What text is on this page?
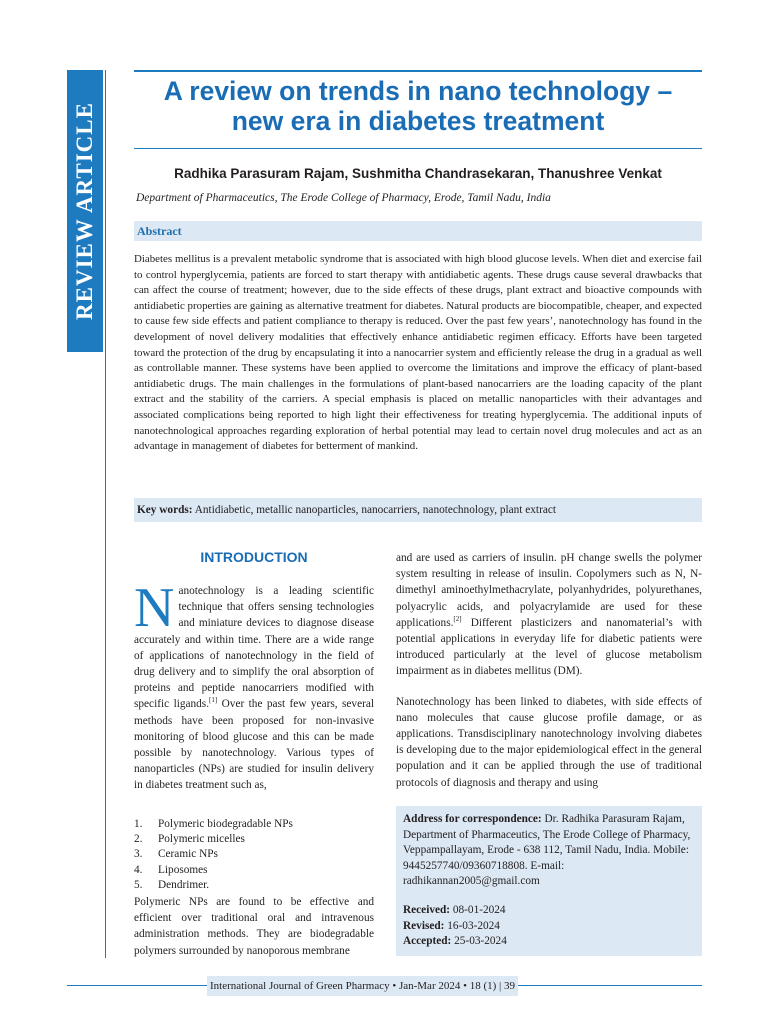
REVIEW ARTICLE
A review on trends in nano technology –
new era in diabetes treatment
Radhika Parasuram Rajam, Sushmitha Chandrasekaran, Thanushree Venkat
Department of Pharmaceutics, The Erode College of Pharmacy, Erode, Tamil Nadu, India
Abstract

Diabetes mellitus is a prevalent metabolic syndrome that is associated with high blood glucose levels. When diet and exercise fail to control hyperglycemia, patients are forced to start therapy with antidiabetic agents. These drugs cause several drawbacks that can affect the course of treatment; however, due to the side effects of these drugs, plant extract and bioactive compounds with antidiabetic properties are gaining as alternative treatment for diabetes. Natural products are biocompatible, cheaper, and expected to cause few side effects and patient compliance to therapy is reduced. Over the past few years’, nanotechnology has found in the development of novel delivery modalities that effectively enhance antidiabetic regimen efficacy. Efforts have been targeted toward the protection of the drug by encapsulating it into a nanocarrier system and efficiently release the drug in a gradual as well as controllable manner. These systems have been applied to overcome the limitations and improve the efficacy of plant-based antidiabetic drugs. The main challenges in the formulations of plant-based nanocarriers are the loading capacity of the plant extract and the stability of the carriers. A special emphasis is placed on metallic nanoparticles with their advantages and associated complications being reported to high light their effectiveness for treating hyperglycemia. The additional inputs of nanotechnological approaches regarding exploration of herbal potential may lead to certain novel drug molecules and act as an advantage in management of diabetes for betterment of mankind.

Key words: Antidiabetic, metallic nanoparticles, nanocarriers, nanotechnology, plant extract
INTRODUCTION

Nanotechnology is a leading scientific technique that offers sensing technologies and miniature devices to diagnose disease accurately and within time. There are a wide range of applications of nanotechnology in the field of drug delivery and to simplify the oral absorption of proteins and peptide nanocarriers modified with specific ligands.[1] Over the past few years, several methods have been proposed for non-invasive monitoring of blood glucose and this can be made possible by nanotechnology. Various types of nanoparticles (NPs) are studied for insulin delivery in diabetes treatment such as,

1.	Polymeric biodegradable NPs
2.	Polymeric micelles
3.	Ceramic NPs
4.	Liposomes
5.	Dendrimer.

Polymeric NPs are found to be effective and efficient over traditional oral and intravenous administration methods. They are biodegradable polymers surrounded by nanoporous membrane

and are used as carriers of insulin. pH change swells the polymer system resulting in release of insulin. Copolymers such as N, N-dimethyl aminoethylmethacrylate, polyanhydrides, polyurethanes, polyacrylic acids, and polyacrylamide are used for these applications.[2] Different plasticizers and nanomaterial’s with potential applications in everyday life for diabetic patients were introduced particularly at the level of glucose metabolism impairment as in diabetes mellitus (DM).

Nanotechnology has been linked to diabetes, with side effects of nano molecules that cause glucose profile damage, or as applications. Transdisciplinary nanotechnology involving diabetes is developing due to the major epidemiological effect in the general population and it can be applied through the use of traditional protocols of diagnosis and therapy and using

Address for correspondence: Dr. Radhika Parasuram Rajam, Department of Pharmaceutics, The Erode College of Pharmacy, Veppampallayam, Erode - 638 112, Tamil Nadu, India. Mobile: 9445257740/09360718808. E-mail: radhikannan2005@gmail.com
Received: 08-01-2024
Revised: 16-03-2024
Accepted: 25-03-2024
International Journal of Green Pharmacy • Jan-Mar 2024 • 18 (1) | 39
